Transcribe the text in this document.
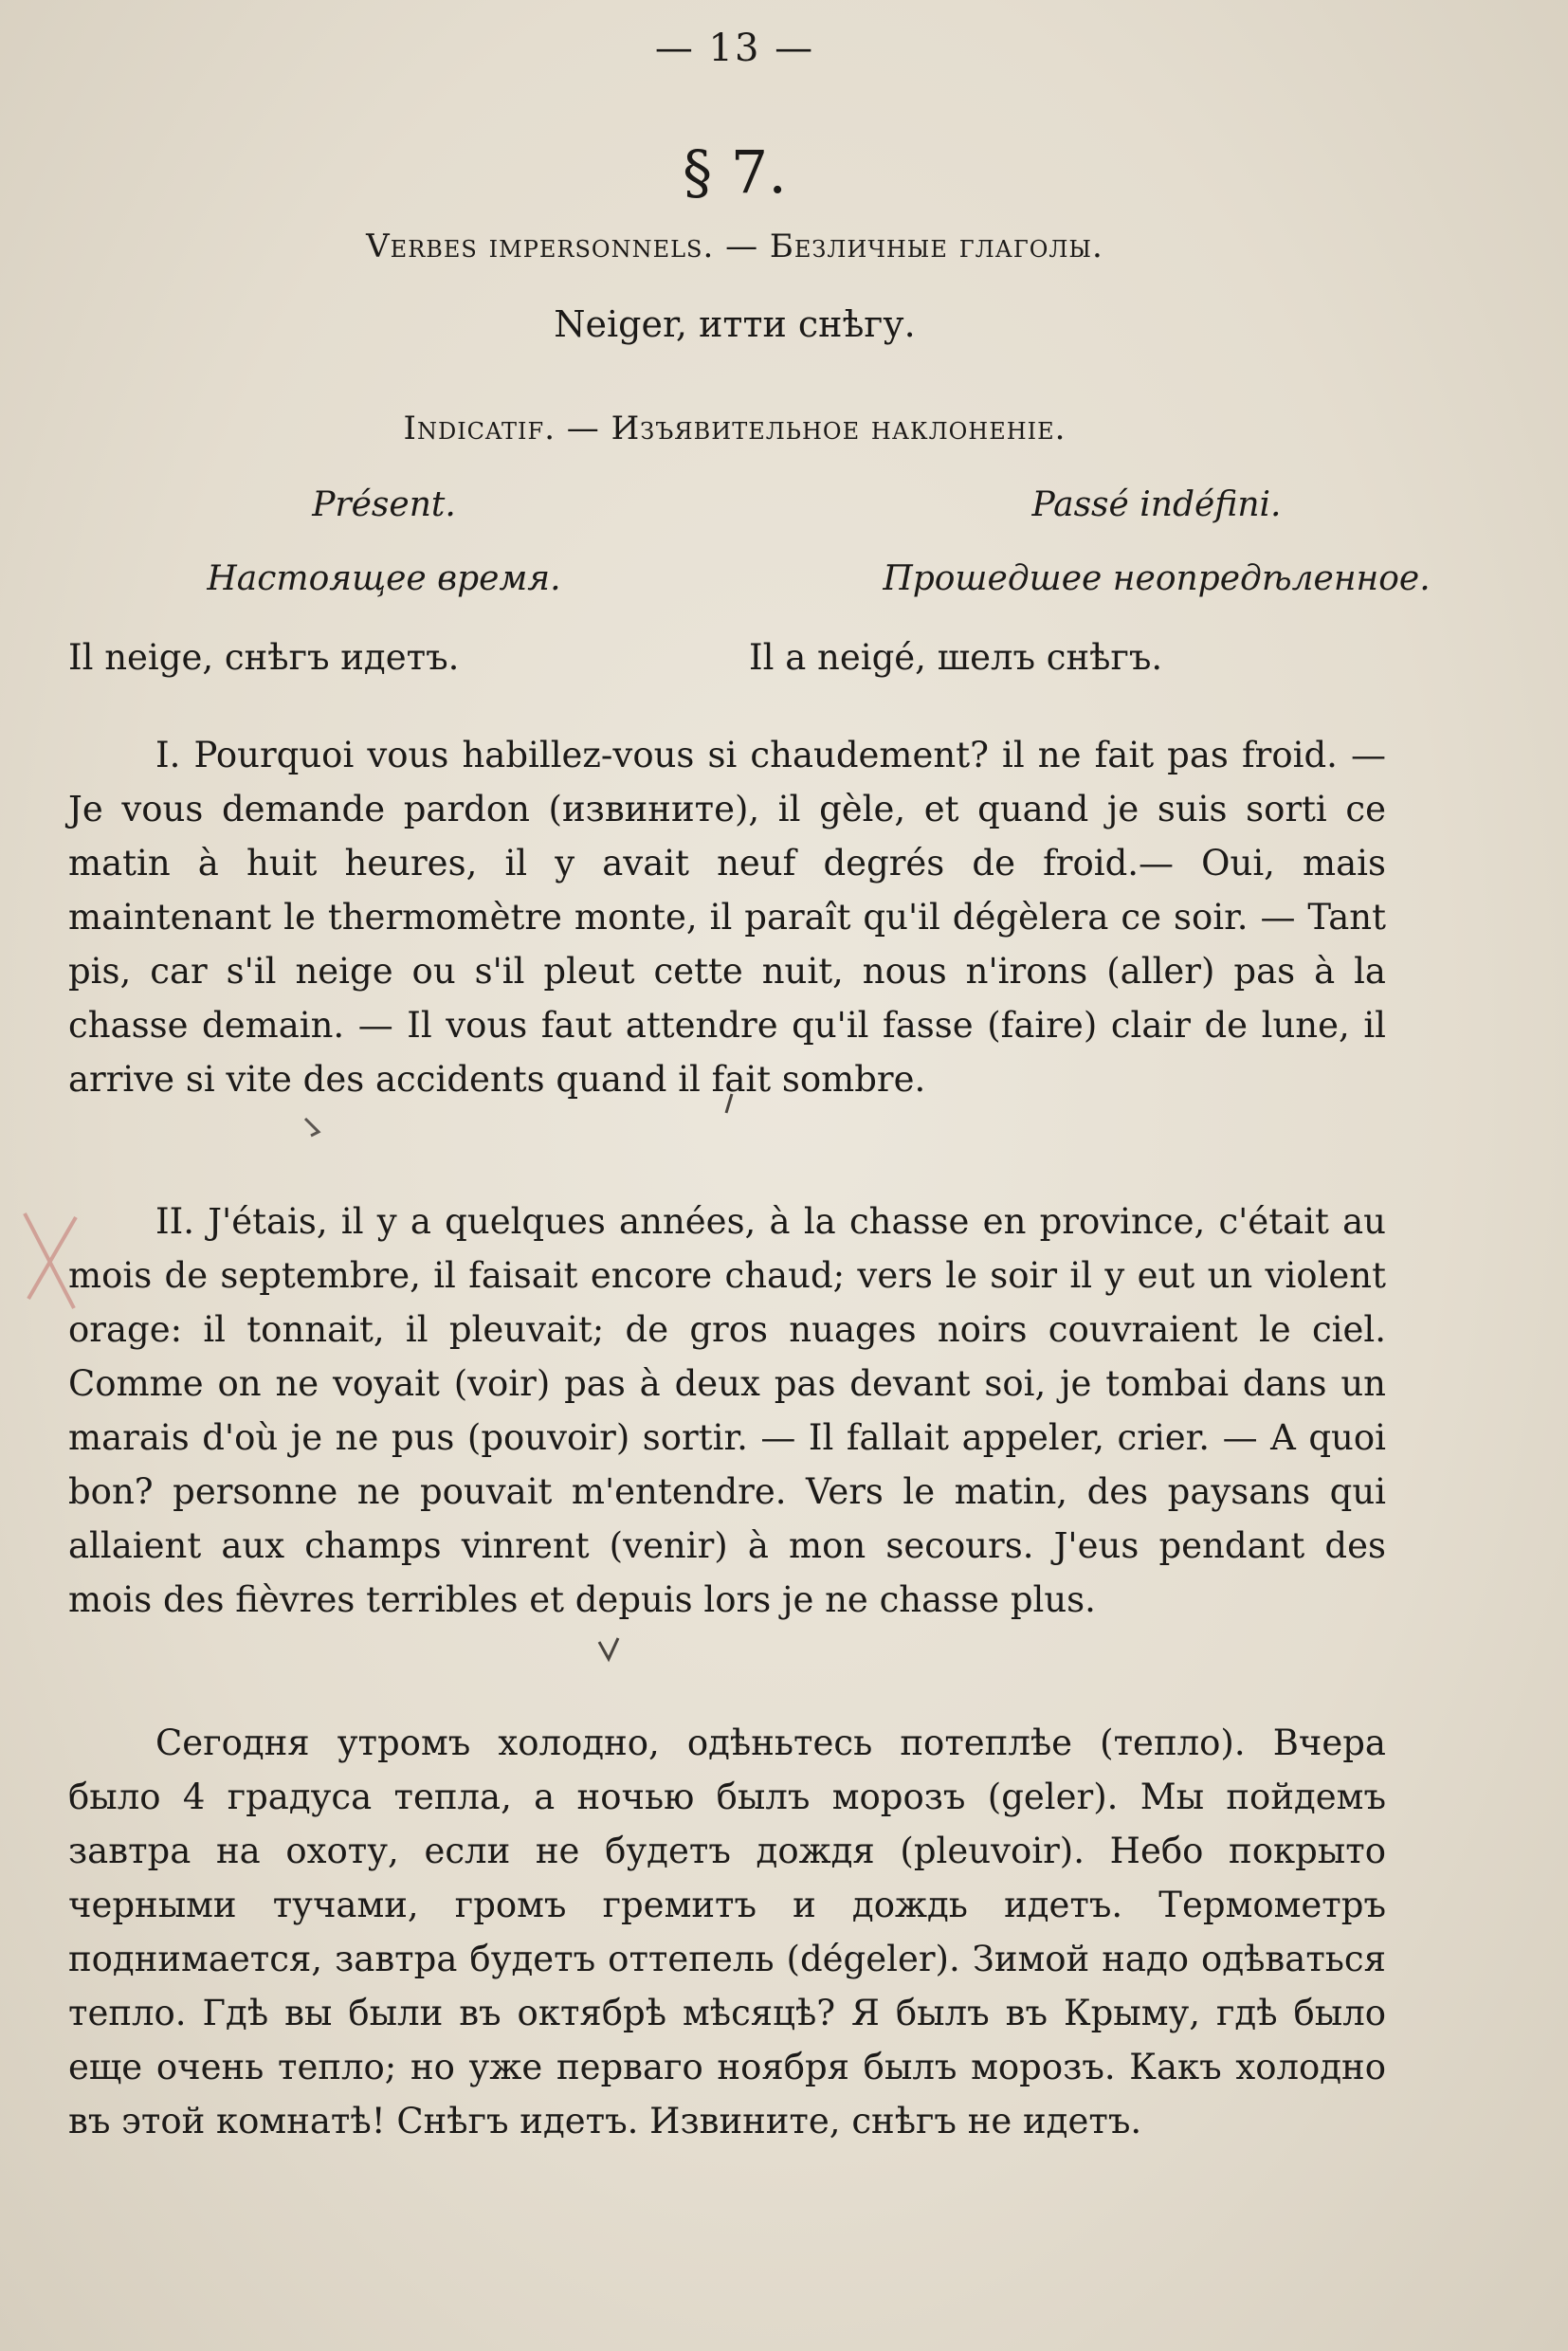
— 13 —
§ 7.
Verbes impersonnels. — Безличные глаголы.
Neiger, итти снѣгу.
Indicatif. — Изъявительное наклоненіе.
Présent.
Настоящее время.
Passé indéfini.
Прошедшее неопредѣленное.
Il neige, снѣгъ идетъ.	Il a neigé, шелъ снѣгъ.

I. Pourquoi vous habillez-vous si chaudement? il ne fait pas froid. — Je vous demande pardon (извините), il gèle, et quand je suis sorti ce matin à huit heures, il y avait neuf degrés de froid.— Oui, mais maintenant le thermomètre monte, il paraît qu'il dégèlera ce soir. — Tant pis, car s'il neige ou s'il pleut cette nuit, nous n'irons (aller) pas à la chasse demain. — Il vous faut attendre qu'il fasse (faire) clair de lune, il arrive si vite des accidents quand il fait sombre.

II. J'étais, il y a quelques années, à la chasse en province, c'était au mois de septembre, il faisait encore chaud; vers le soir il y eut un violent orage: il tonnait, il pleuvait; de gros nuages noirs couvraient le ciel. Comme on ne voyait (voir) pas à deux pas devant soi, je tombai dans un marais d'où je ne pus (pouvoir) sortir. — Il fallait appeler, crier. — A quoi bon? personne ne pouvait m'entendre. Vers le matin, des paysans qui allaient aux champs vinrent (venir) à mon secours. J'eus pendant des mois des fièvres terribles et depuis lors je ne chasse plus.

Сегодня утромъ холодно, одѣньтесь потеплѣе (тепло). Вчера было 4 градуса тепла, а ночью былъ морозъ (geler). Мы пойдемъ завтра на охоту, если не будетъ дождя (pleuvoir). Небо покрыто черными тучами, громъ гремитъ и дождь идетъ. Термометръ поднимается, завтра будетъ оттепель (dégeler). Зимой надо одѣваться тепло. Гдѣ вы были въ октябрѣ мѣсяцѣ? Я былъ въ Крыму, гдѣ было еще очень тепло; но уже перваго ноября былъ морозъ. Какъ холодно въ этой комнатѣ! Снѣгъ идетъ. Извините, снѣгъ не идетъ.
